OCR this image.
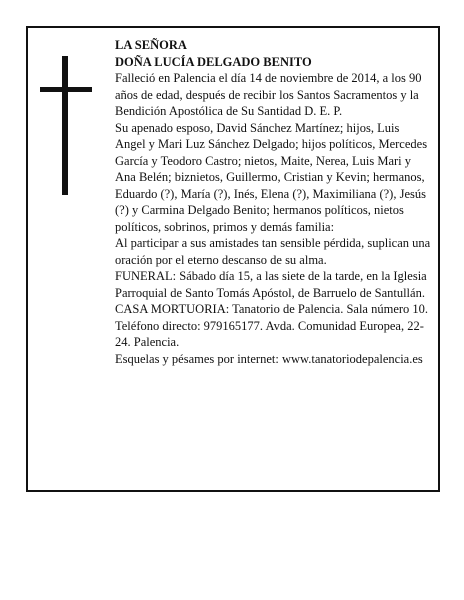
LA SEÑORA

DOÑA LUCÍA DELGADO BENITO

Falleció en Palencia el día 14 de noviembre de 2014, a los 90 años de edad, después de recibir los Santos Sacramentos y la Bendición Apostólica de Su Santidad D. E. P.

Su apenado esposo, David Sánchez Martínez; hijos, Luis Angel y Mari Luz Sánchez Delgado; hijos políticos, Mercedes García y Teodoro Castro; nietos, Maite, Nerea, Luis Mari y Ana Belén; biznietos, Guillermo, Cristian y Kevin; hermanos, Eduardo (?), María (?), Inés, Elena (?), Maximiliana (?), Jesús (?) y Carmina Delgado Benito; hermanos políticos, nietos políticos, sobrinos, primos y demás familia:

Al participar a sus amistades tan sensible pérdida, suplican una oración por el eterno descanso de su alma.

FUNERAL: Sábado día 15, a las siete de la tarde, en la Iglesia Parroquial de Santo Tomás Apóstol, de Barruelo de Santullán.

CASA MORTUORIA: Tanatorio de Palencia. Sala número 10. Teléfono directo: 979165177. Avda. Comunidad Europea, 22-24. Palencia.

Esquelas y pésames por internet: www.tanatoriodepalencia.es
